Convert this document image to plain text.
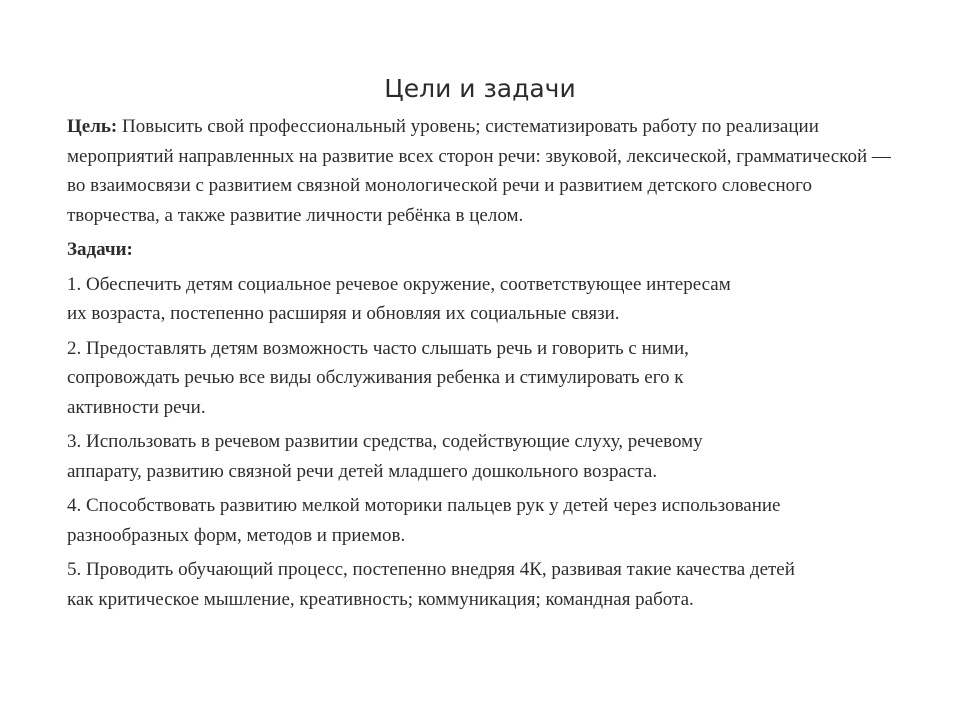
Цели и задачи

Цель: Повысить свой профессиональный уровень; систематизировать работу по реализации мероприятий направленных на развитие всех сторон речи: звуковой, лексической, грамматической — во взаимосвязи с развитием связной монологической речи и развитием детского словесного творчества, а также развитие личности ребёнка в целом.

Задачи:

1. Обеспечить детям социальное речевое окружение, соответствующее интересам
их возраста, постепенно расширяя и обновляя их социальные связи.

2. Предоставлять детям возможность часто слышать речь и говорить с ними,
сопровождать речью все виды обслуживания ребенка и стимулировать его к
активности речи.

3. Использовать в речевом развитии средства, содействующие слуху, речевому
аппарату, развитию связной речи детей младшего дошкольного возраста.

4. Способствовать развитию мелкой моторики пальцев рук у детей через использование
разнообразных форм, методов и приемов.

5. Проводить обучающий процесс, постепенно внедряя 4К, развивая такие качества детей
как критическое мышление, креативность; коммуникация; командная работа.
